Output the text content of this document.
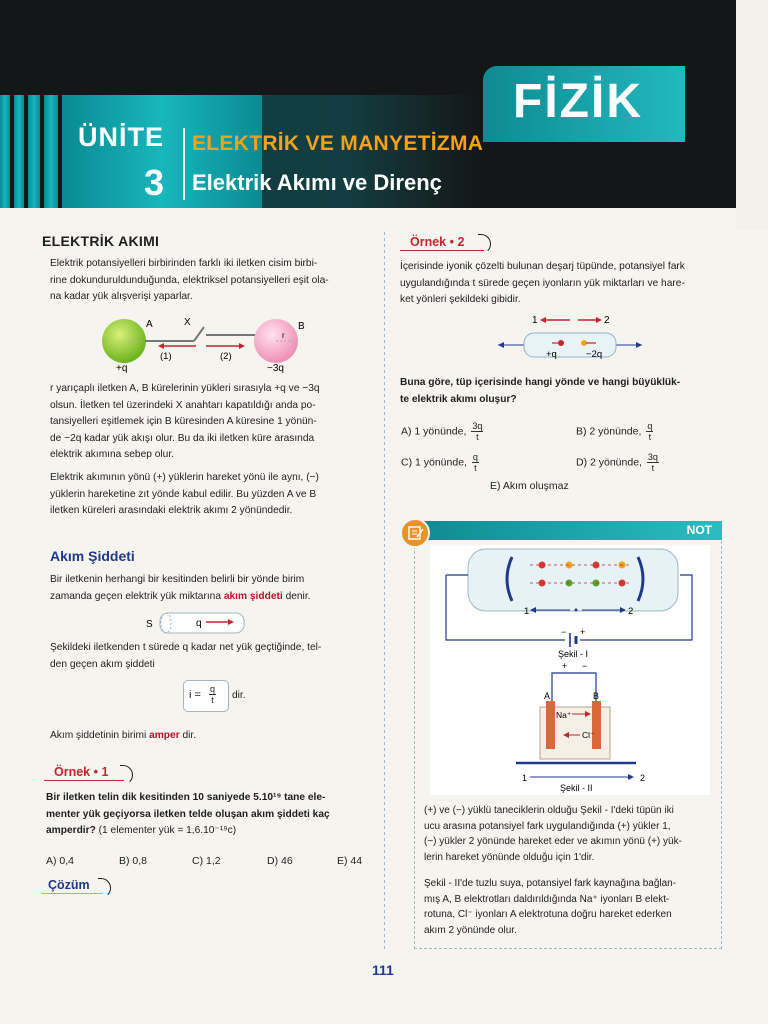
FİZİK
ÜNİTE
3
ELEKTRİK VE MANYETİZMA
Elektrik Akımı ve Direnç
ELEKTRİK AKIMI
Elektrik potansiyelleri birbirinden farklı iki iletken cisim birbi-
rine dokunduruldunduğunda, elektriksel potansiyelleri eşit ola-
na kadar yük alışverişi yaparlar.
A	X	B
(1)	(2)
+q	−3q
r
r yarıçaplı iletken A, B kürelerinin yükleri sırasıyla +q ve −3q
olsun. İletken tel üzerindeki X anahtarı kapatıldığı anda po-
tansiyelleri eşitlemek için B küresinden A küresine 1 yönün-
de −2q kadar yük akışı olur. Bu da iki iletken küre arasında
elektrik akımına sebep olur.
Elektrik akımının yönü (+) yüklerin hareket yönü ile aynı, (−)
yüklerin hareketine zıt yönde kabul edilir. Bu yüzden A ve B
iletken küreleri arasındaki elektrik akımı 2 yönündedir.
Akım Şiddeti
Bir iletkenin herhangi bir kesitinden belirli bir yönde birim
zamanda geçen elektrik yük miktarına akım şiddeti denir.
S	q
Şekildeki iletkenden t sürede q kadar net yük geçtiğinde, tel-
den geçen akım şiddeti
$i = \frac{q}{t}$ dir.
Akım şiddetinin birimi amper dir.
Örnek • 1
Bir iletken telin dik kesitinden 10 saniyede 5.10¹⁹ tane ele-
menter yük geçiyorsa iletken telde oluşan akım şiddeti kaç
amperdir? (1 elementer yük = 1,6.10⁻¹⁹c)
A) 0,4	B) 0,8	C) 1,2	D) 46	E) 44
Çözüm
Örnek • 2
İçerisinde iyonik çözelti bulunan deşarj tüpünde, potansiyel fark
uygulandığında t sürede geçen iyonların yük miktarları ve hare-
ket yönleri şekildeki gibidir.
1	2
+q	−2q
Buna göre, tüp içerisinde hangi yönde ve hangi büyüklük-
te elektrik akımı oluşur?
A) 1 yönünde, $\frac{3q}{t}$	B) 2 yönünde, $\frac{q}{t}$
C) 1 yönünde, $\frac{q}{t}$	D) 2 yönünde, $\frac{3q}{t}$
E) Akım oluşmaz
NOT
1	2
− +
Şekil - I
+ −
A	B
Na⁺
Cl⁻
1	2
Şekil - II
(+) ve (−) yüklü taneciklerin olduğu Şekil - I'deki tüpün iki
ucu arasına potansiyel fark uygulandığında (+) yükler 1,
(−) yükler 2 yönünde hareket eder ve akımın yönü (+) yük-
lerin hareket yönünde olduğu için 1'dir.
Şekil - II'de tuzlu suya, potansiyel fark kaynağına bağlan-
mış A, B elektrotları daldırıldığında Na⁺ iyonları B elekt-
rotuna, Cl⁻ iyonları A elektrotuna doğru hareket ederken
akım 2 yönünde olur.
111
